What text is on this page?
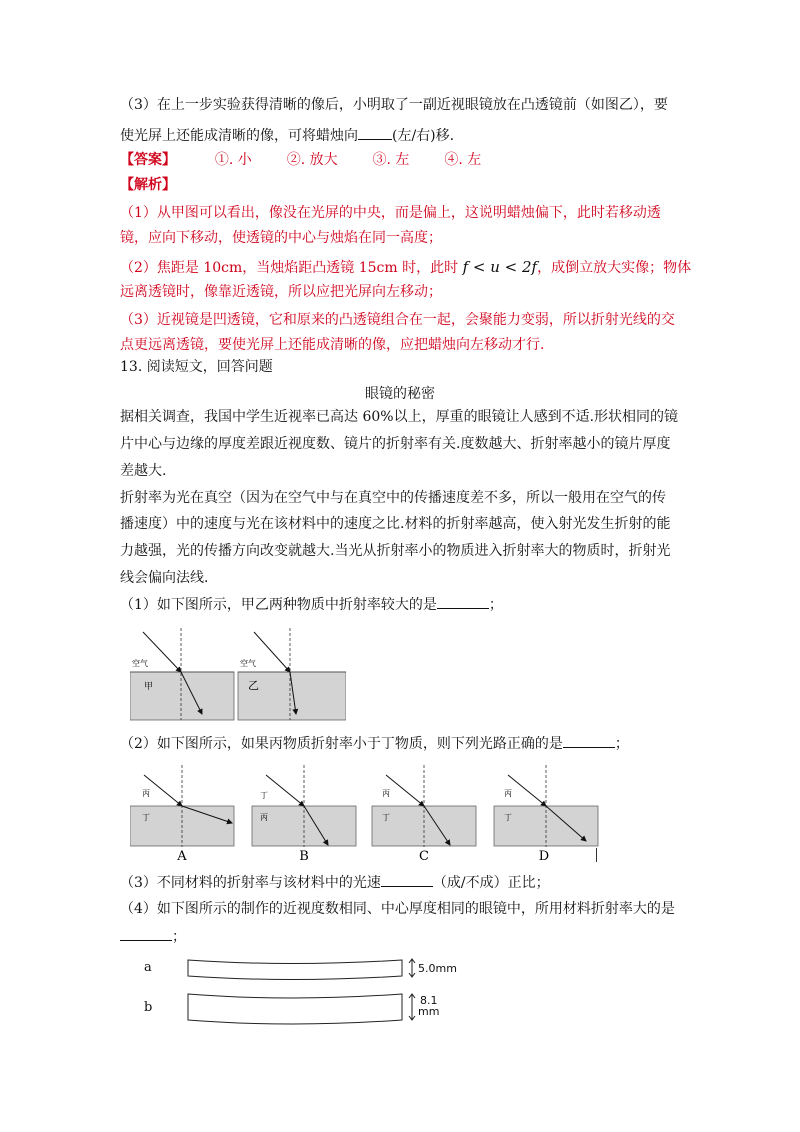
（3）在上一步实验获得清晰的像后，小明取了一副近视眼镜放在凸透镜前（如图乙），要
使光屏上还能成清晰的像，可将蜡烛向 (左/右)移.
【答案】	①. 小 ②. 放大 ③. 左 ④. 左
【解析】
（1）从甲图可以看出，像没在光屏的中央，而是偏上，这说明蜡烛偏下，此时若移动透
镜，应向下移动，使透镜的中心与烛焰在同一高度；
（2）焦距是 10cm，当烛焰距凸透镜 15cm 时，此时 f < u < 2f，成倒立放大实像；物体
远离透镜时，像靠近透镜，所以应把光屏向左移动；
（3）近视镜是凹透镜，它和原来的凸透镜组合在一起，会聚能力变弱，所以折射光线的交
点更远离透镜，要使光屏上还能成清晰的像，应把蜡烛向左移动才行.
13. 阅读短文，回答问题
眼镜的秘密
据相关调查，我国中学生近视率已高达 60%以上，厚重的眼镜让人感到不适.形状相同的镜
片中心与边缘的厚度差跟近视度数、镜片的折射率有关.度数越大、折射率越小的镜片厚度
差越大.
折射率为光在真空（因为在空气中与在真空中的传播速度差不多，所以一般用在空气的传
播速度）中的速度与光在该材料中的速度之比.材料的折射率越高，使入射光发生折射的能
力越强，光的传播方向改变就越大.当光从折射率小的物质进入折射率大的物质时，折射光
线会偏向法线.
（1）如下图所示，甲乙两种物质中折射率较大的是	；
空气
甲
空气
乙
（2）如下图所示，如果丙物质折射率小于丁物质，则下列光路正确的是	；
丙
丁
A
丁
丙
B
丙
丁
C
丙
丁
D
（3）不同材料的折射率与该材料中的光速	（成/不成）正比；
（4）如下图所示的制作的近视度数相同、中心厚度相同的眼镜中，所用材料折射率大的是
；
a
b
5.0mm
8.1
mm
